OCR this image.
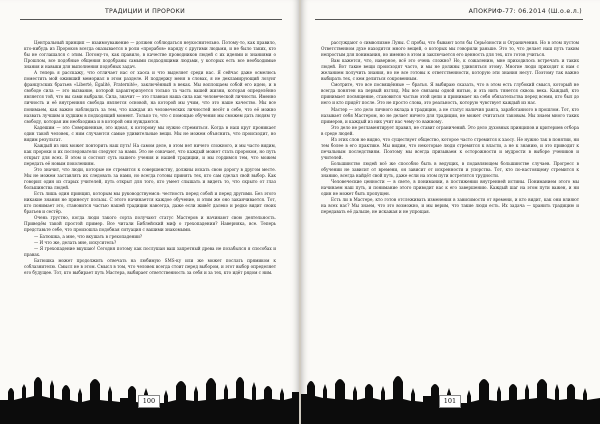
ТРАДИЦИИ И ПРОРОКИ

Центральный принцип — взаимоуважение — должен соблюдаться неукоснительно. Потому-то, как правило, кто-нибудь из Пророков всегда оказывается в роли «прорабов» наряду с другими людьми, и не было таких, кто бы не соглашался с этим. Потому-то, как правило, в качестве проводников людей с их идеями и знаниями о Прошлом, все подобные общения подобраны самыми подходящими людьми, у которых есть все необходимые знания и навыки для выполнения подобных задач.

А теперь я расскажу, что отличает нас от хаоса и что выделяет среди нас. Я сейчас даже осмелюсь поместить мой оживший мемориал в этом разделе. И поддержу меня в словах, я не декламирующий лозунг французских братьев «Liberté, Égalité, Fraternité», заключённый в веках. Мы воплощаем собой его идею, и в свободе сила — это вызвание, которой характеризуется только та часть вашей жизни, которая определённо является той, что вы сами выбрали. Сила, значит — это главная наша сила как человеческой личности. Именно личность и её внутренняя свобода является основой, на которой мы учим, что это наше качество. Мы все понимаем, как важно наблюдать за тем, что каждая из человеческих личностей несёт в себе, что её можно назвать лучшим и худшим в подходящий момент. Только то, что с помощью обучения мы сможем дать людям ту свободу, которая им необходима и в которой они нуждаются.

Кадешим — это Совершенные, это идеал, к которому мы нужно стремиться. Когда в наш круг проникает один такой человек, с ним случаются самые удивительные вещи. Мы не можем объяснить, что происходит, но видим результат.

Каждый из них может повторить наш путь! На самом деле, в этом нет ничего сложного, и мы часто видим, как пророки и их последователи следуют за нами. Это не означает, что каждый может стать пророком, но путь открыт для всех. В этом и состоит суть нашего учения и нашей традиции, и мы гордимся тем, что можем передать её новым поколениям.

Это значит, что люди, которые не стремятся к совершенству, должны искать свою дорогу в другом месте. Мы не можем заставлять их следовать за нами, но всегда готовы принять тех, кто сам сделал свой выбор. Как говорил один из старых учителей, путь открыт для того, кто умеет слышать и видеть то, что скрыто от глаз большинства людей.

Есть лишь один принцип, которым мы руководствуемся: честность перед собой и перед другими. Без этого никакие знания не принесут пользы. С этого начинается каждое обучение, и этим же оно заканчивается. Тот, кто понимает это, становится частью нашей традиции навсегда, даже если живёт далеко и редко видит своих братьев и сестёр.

Очень грустно, когда люди такого сорта получают статус Мастеров и начинают свою деятельность. Приведём такой простой пример. Все читали Библейский миф о грехопадении? Наверняка, все. Теперь представьте себе, что произошла подобная ситуация с вашими знакомыми.

— Батюшка, а мне, что вкушать в грехопадении?

— И что же, делать мне, искуситель?

— Я грехопадение вкушаю! Сегодня потому как послушан ваш запретный древа не позабылся я способах и правах.

Батюшка может продолжить отвечать на любимую SMS-ку или же может послать прямиком к соблазнителю. Смысл не в этом. Смысл в том, что человек всегда стоит перед выбором, и этот выбор определяет его будущее. Тот, кто выбирает путь Мастера, выбирает ответственность за себя и за тех, кто идёт рядом с ним.

100
АПОКРИФ-77: 06.2014 (Ш.о.е.л.)

рассуждают о символизме Луны. С пробы, что бывают хотя бы Серьёзности и Ограничения. Но в этом пустом Ответственном духе находится много вещей, о которых мы говорили раньше. Это то, что делает наш путь таким непростым для понимания, но именно в этом и заключается его ценность для тех, кто готов учиться.

Вам кажется, что, наверное, всё это очень сложно? Но, к сожалению, мне приходилось встречать и таких людей. Вот такие вещи происходят часто, и мы не должны удивляться этому. Многие люди приходят к нам с желанием получить знания, но не все готовы к ответственности, которую эти знания несут. Поэтому так важно выбирать тех, с кем делиться сокровенным.

Смотрите, что все посвящённые — братья. Я выбираю сказать, что в этом есть глубокий смысл, который не всегда понятен на первый взгляд. Мы все связаны одной нитью, и эта нить тянется сквозь века. Каждый, кто принимает посвящение, становится частью этой цепи и принимает на себя обязательства перед всеми, кто был до него и кто придёт после. Это не просто слова, это реальность, которую чувствует каждый из нас.

Мастер — это дело личного вклада в традицию, а не статус наличия ранга, заработанного в прошлом. Тот, кто называет себя Мастером, но не делает ничего для традиции, не может считаться таковым. Мы знаем много таких примеров, и каждый из них учит нас чему-то важному.

Это дело не регламентирует правил, не ставит ограничений. Это дело духовных принципов и критериев отбора в среде людей.

Из этих слов не видно, что существует общество, которое часто стремится к хаосу. Не нужно так в понятии, ни тем более в его практике. Мы видим, что некоторые люди стремятся к власти, а не к знанию, и это приводит к печальным последствиям. Поэтому мы всегда призываем к осторожности и мудрости в выборе учеников и учителей.

Большинство людей всё же способно быть в ведущих, в подавляющем большинстве случаев. Прогресс в обучении не зависит от времени, он зависит от искренности и упорства. Тот, кто по-настоящему стремится к знанию, всегда найдёт свой путь, даже если на этом пути встретятся трудности.

Человеческие ценности — в свете, в понимании, в постижении внутренней истины. Пониманием этого мы начинаем наш путь, и понимание этого приводит нас к его завершению. Каждый шаг на этом пути важен, и ни один не может быть пропущен.

Есть ли в Мастере, кто готов отслеживать изменения в зависимости от времени, и кто видит, как они влияют на всех нас? Мы знаем, что это возможно, и мы верим, что такие люди есть. Их задача — хранить традицию и передавать её дальше, не искажая и не упрощая.

101
